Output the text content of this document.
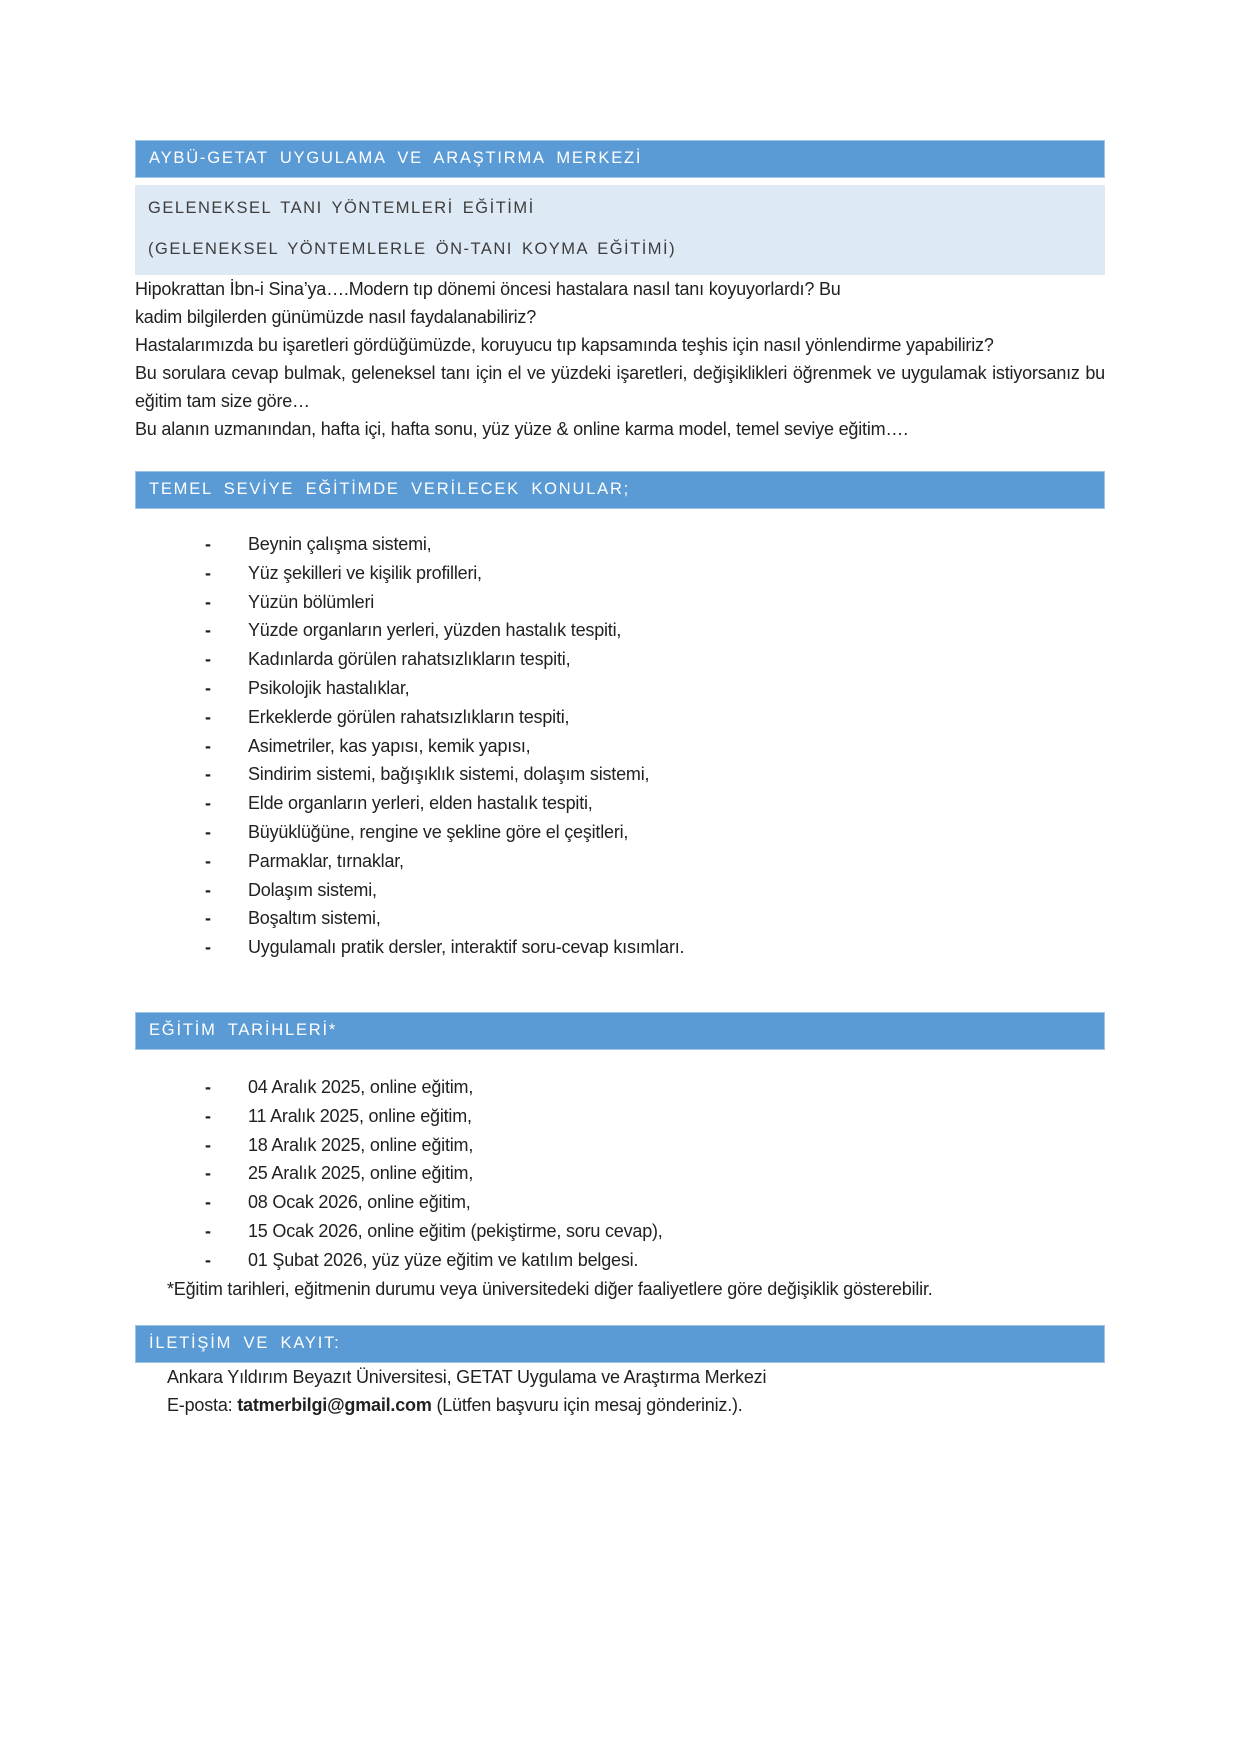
AYBÜ-GETAT UYGULAMA VE ARAŞTIRMA MERKEZİ
GELENEKSEL TANI YÖNTEMLERİ EĞİTİMİ
(GELENEKSEL YÖNTEMLERLE ÖN-TANI KOYMA EĞİTİMİ)

Hipokrattan İbn-i Sina’ya….Modern tıp dönemi öncesi hastalara nasıl tanı koyuyorlardı? Bu

kadim bilgilerden günümüzde nasıl faydalanabiliriz?

Hastalarımızda bu işaretleri gördüğümüzde, koruyucu tıp kapsamında teşhis için nasıl yönlendirme yapabiliriz?

Bu sorulara cevap bulmak, geleneksel tanı için el ve yüzdeki işaretleri, değişiklikleri öğrenmek ve uygulamak istiyorsanız bu eğitim tam size göre…

Bu alanın uzmanından, hafta içi, hafta sonu, yüz yüze & online karma model, temel seviye eğitim….

TEMEL SEVİYE EĞİTİMDE VERİLECEK KONULAR;
-	Beynin çalışma sistemi,
-	Yüz şekilleri ve kişilik profilleri,
-	Yüzün bölümleri
-	Yüzde organların yerleri, yüzden hastalık tespiti,
-	Kadınlarda görülen rahatsızlıkların tespiti,
-	Psikolojik hastalıklar,
-	Erkeklerde görülen rahatsızlıkların tespiti,
-	Asimetriler, kas yapısı, kemik yapısı,
-	Sindirim sistemi, bağışıklık sistemi, dolaşım sistemi,
-	Elde organların yerleri, elden hastalık tespiti,
-	Büyüklüğüne, rengine ve şekline göre el çeşitleri,
-	Parmaklar, tırnaklar,
-	Dolaşım sistemi,
-	Boşaltım sistemi,
-	Uygulamalı pratik dersler, interaktif soru-cevap kısımları.
EĞİTİM TARİHLERİ*
-	04 Aralık 2025, online eğitim,
-	11 Aralık 2025, online eğitim,
-	18 Aralık 2025, online eğitim,
-	25 Aralık 2025, online eğitim,
-	08 Ocak 2026, online eğitim,
-	15 Ocak 2026, online eğitim (pekiştirme, soru cevap),
-	01 Şubat 2026, yüz yüze eğitim ve katılım belgesi.

*Eğitim tarihleri, eğitmenin durumu veya üniversitedeki diğer faaliyetlere göre değişiklik gösterebilir.

İLETİŞİM VE KAYIT:

Ankara Yıldırım Beyazıt Üniversitesi, GETAT Uygulama ve Araştırma Merkezi

E-posta: tatmerbilgi@gmail.com (Lütfen başvuru için mesaj gönderiniz.).
